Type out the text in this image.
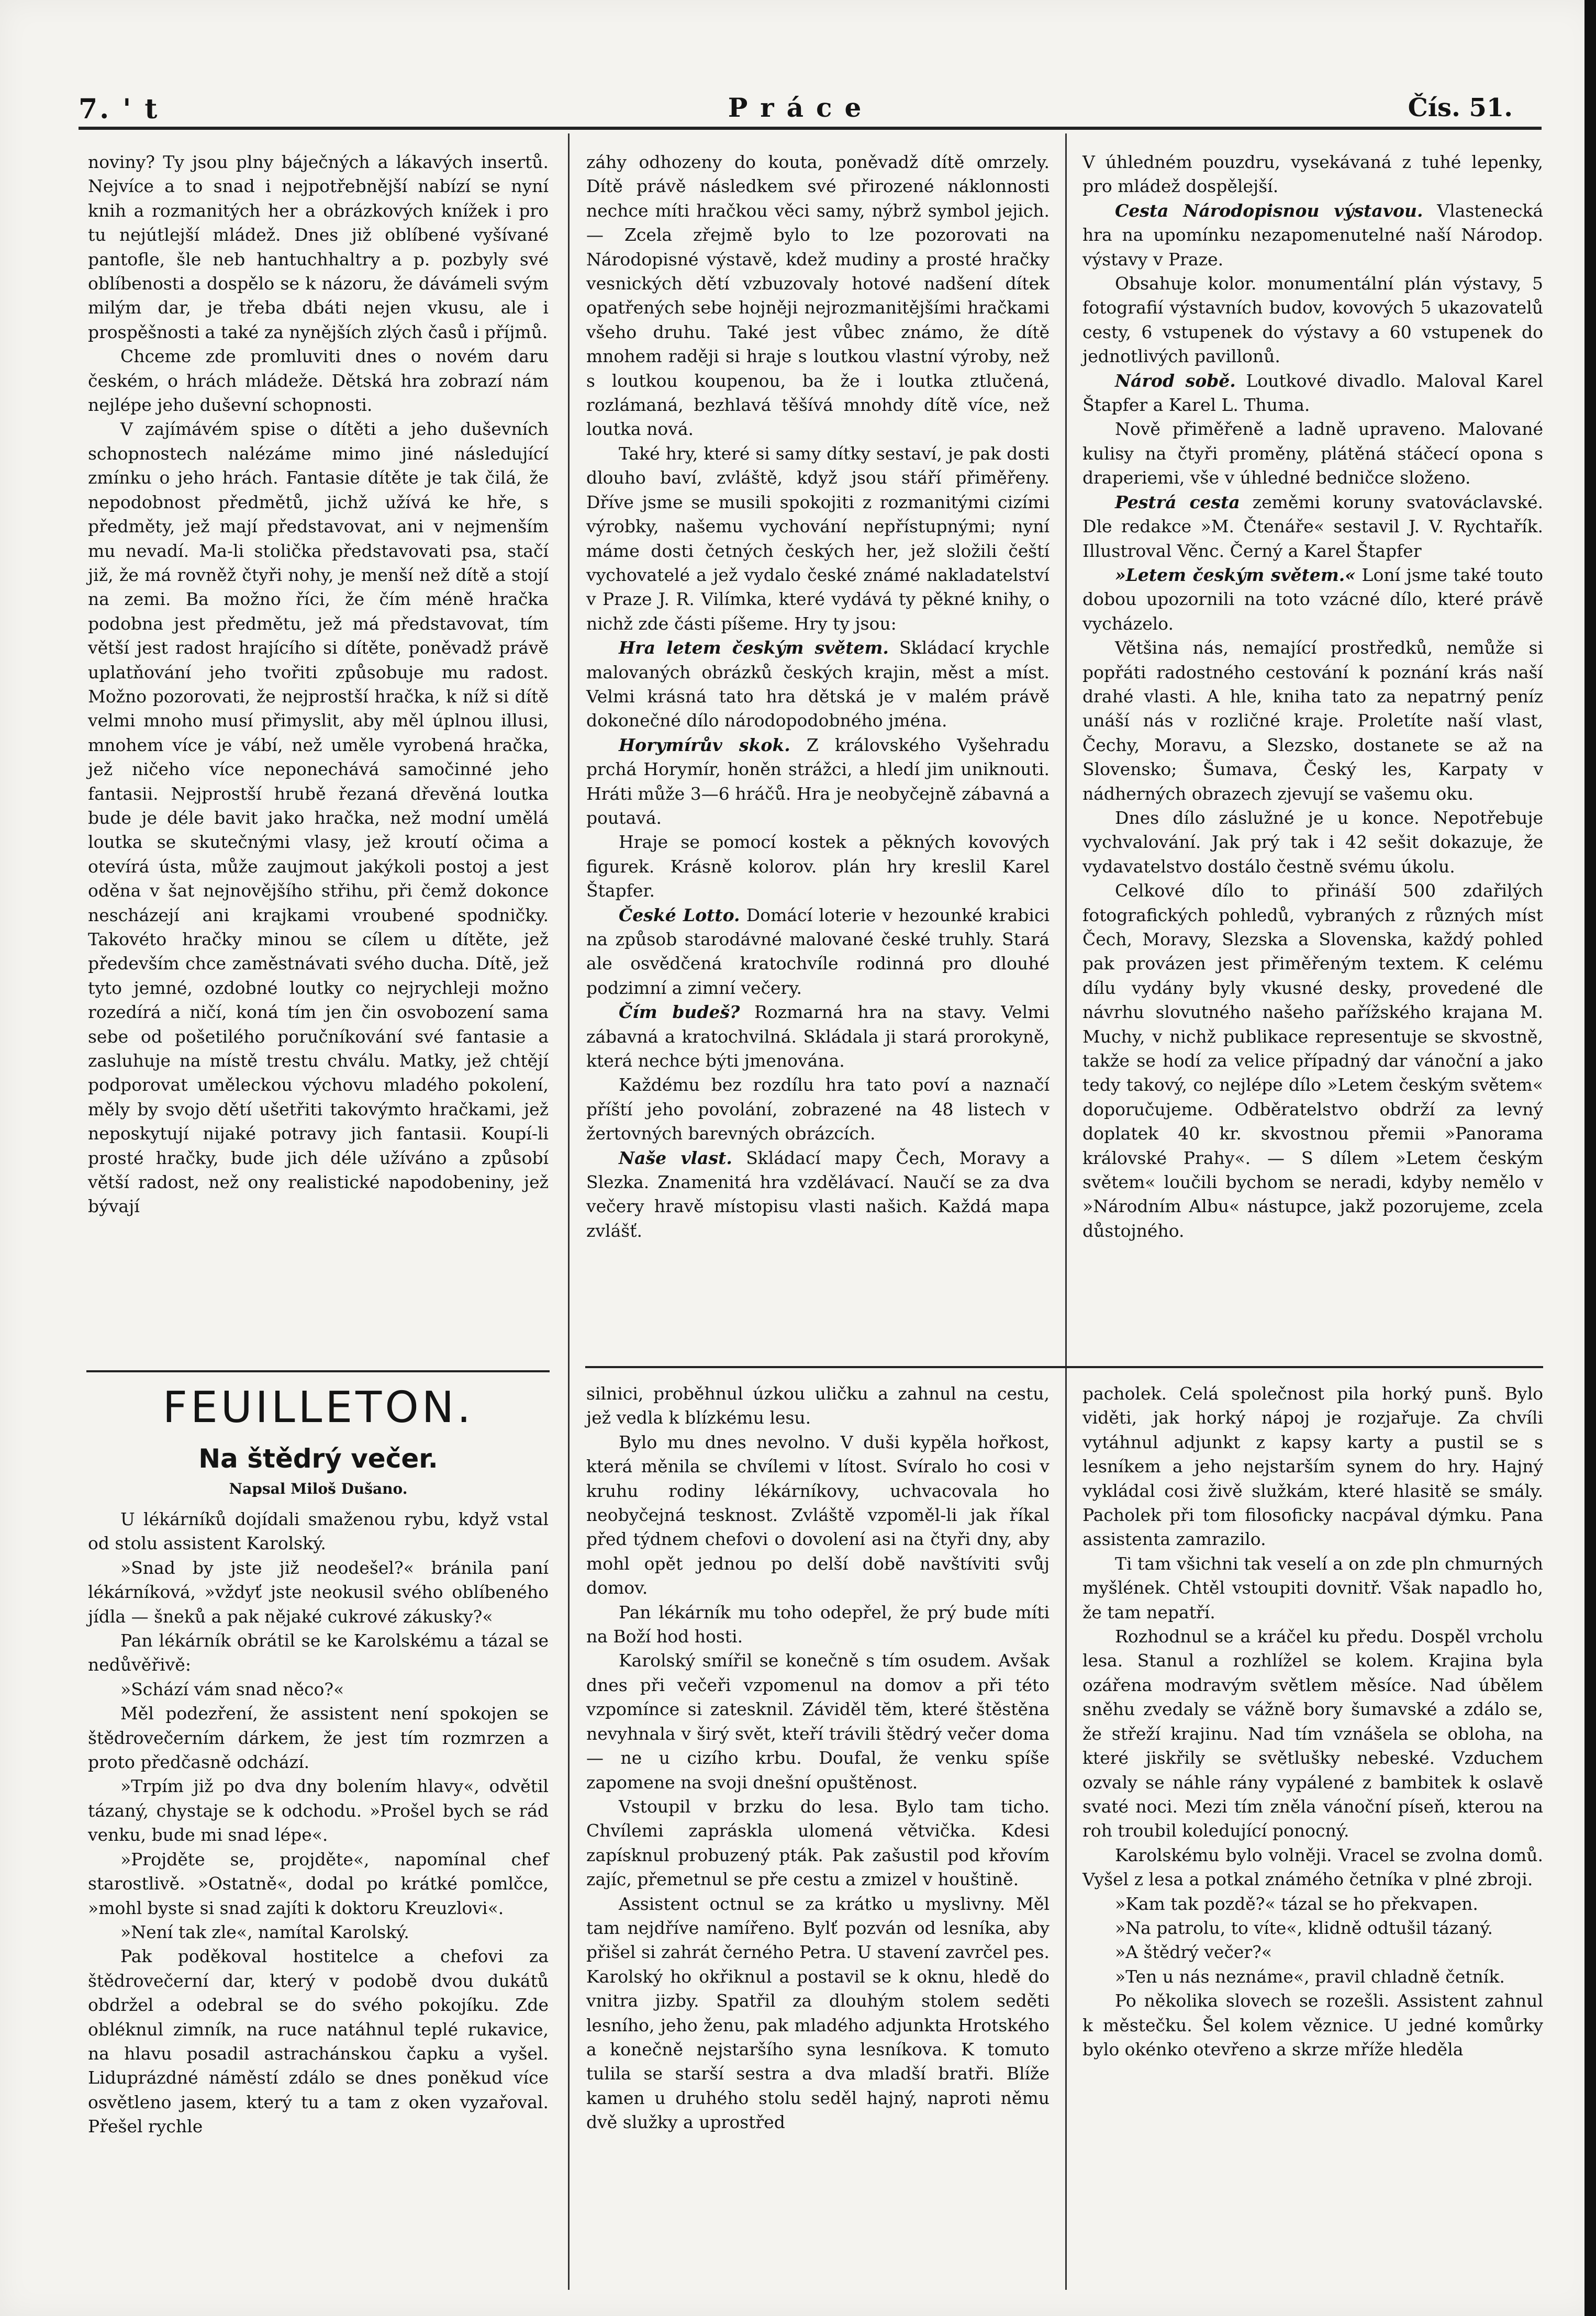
7. ' t	Práce	Čís. 51.

noviny? Ty jsou plny báječných a lákavých insertů. Nejvíce a to snad i nejpotřebnější nabízí se nyní knih a rozmanitých her a obrázkových knížek i pro tu nejútlejší mládež. Dnes již oblíbené vyšívané pantofle, šle neb hantuchhaltry a p. pozbyly své oblíbenosti a dospělo se k názoru, že dávámeli svým milým dar, je třeba dbáti nejen vkusu, ale i prospěšnosti a také za nynějších zlých časů i příjmů.

Chceme zde promluviti dnes o novém daru českém, o hrách mládeže. Dětská hra zobrazí nám nejlépe jeho duševní schopnosti.

V zajímávém spise o dítěti a jeho duševních schopnostech nalézáme mimo jiné následující zmínku o jeho hrách. Fantasie dítěte je tak čilá, že nepodobnost předmětů, jichž užívá ke hře, s předměty, jež mají představovat, ani v nejmenším mu nevadí. Ma-li stolička představovati psa, stačí již, že má rovněž čtyři nohy, je menší než dítě a stojí na zemi. Ba možno říci, že čím méně hračka podobna jest předmětu, jež má představovat, tím větší jest radost hrajícího si dítěte, poněvadž právě uplatňování jeho tvořiti způsobuje mu radost. Možno pozorovati, že nejprostší hračka, k níž si dítě velmi mnoho musí přimyslit, aby měl úplnou illusi, mnohem více je vábí, než uměle vyrobená hračka, jež ničeho více neponechává samočinné jeho fantasii. Nejprostší hrubě řezaná dřevěná loutka bude je déle bavit jako hračka, než modní umělá loutka se skutečnými vlasy, jež kroutí očima a otevírá ústa, může zaujmout jakýkoli postoj a jest oděna v šat nejnovějšího střihu, při čemž dokonce nescházejí ani krajkami vroubené spodničky. Takovéto hračky minou se cílem u dítěte, jež především chce zaměstnávati svého ducha. Dítě, jež tyto jemné, ozdobné loutky co nejrychleji možno rozedírá a ničí, koná tím jen čin osvobození sama sebe od pošetilého poručníkování své fantasie a zasluhuje na místě trestu chválu. Matky, jež chtějí podporovat uměleckou výchovu mladého pokolení, měly by svojo dětí ušetřiti takovýmto hračkami, jež neposkytují nijaké potravy jich fantasii. Koupí-li prosté hračky, bude jich déle užíváno a způsobí větší radost, než ony realistické napodobeniny, jež bývají

záhy odhozeny do kouta, poněvadž dítě omrzely. Dítě právě následkem své přirozené náklonnosti nechce míti hračkou věci samy, nýbrž symbol jejich. — Zcela zřejmě bylo to lze pozorovati na Národopisné výstavě, kdež mudiny a prosté hračky vesnických dětí vzbuzovaly hotové nadšení dítek opatřených sebe hojněji nejrozmanitějšími hračkami všeho druhu. Také jest vůbec známo, že dítě mnohem raději si hraje s loutkou vlastní výroby, než s loutkou koupenou, ba že i loutka ztlučená, rozlámaná, bezhlavá těšívá mnohdy dítě více, než loutka nová.

Také hry, které si samy dítky sestaví, je pak dosti dlouho baví, zvláště, když jsou stáří přiměřeny. Dříve jsme se musili spokojiti z rozmanitými cizími výrobky, našemu vychování nepřístupnými; nyní máme dosti četných českých her, jež složili čeští vychovatelé a jež vydalo české známé nakladatelství v Praze J. R. Vilímka, které vydává ty pěkné knihy, o nichž zde části píšeme. Hry ty jsou:

Hra letem českým světem. Skládací krychle malovaných obrázků českých krajin, měst a míst. Velmi krásná tato hra dětská je v malém právě dokonečné dílo národopodobného jména.

Horymírův skok. Z královského Vyšehradu prchá Horymír, honěn strážci, a hledí jim uniknouti. Hráti může 3—6 hráčů. Hra je neobyčejně zábavná a poutavá.

Hraje se pomocí kostek a pěkných kovových figurek. Krásně kolorov. plán hry kreslil Karel Štapfer.

České Lotto. Domácí loterie v hezounké krabici na způsob starodávné malované české truhly. Stará ale osvědčená kratochvíle rodinná pro dlouhé podzimní a zimní večery.

Čím budeš? Rozmarná hra na stavy. Velmi zábavná a kratochvilná. Skládala ji stará prorokyně, která nechce býti jmenována.

Každému bez rozdílu hra tato poví a naznačí příští jeho povolání, zobrazené na 48 listech v žertovných barevných obrázcích.

Naše vlast. Skládací mapy Čech, Moravy a Slezka. Znamenitá hra vzdělávací. Naučí se za dva večery hravě místopisu vlasti našich. Každá mapa zvlášť.

V úhledném pouzdru, vysekávaná z tuhé lepenky, pro mládež dospělejší.

Cesta Národopisnou výstavou. Vlastenecká hra na upomínku nezapomenutelné naší Národop. výstavy v Praze.

Obsahuje kolor. monumentální plán výstavy, 5 fotografií výstavních budov, kovových 5 ukazovatelů cesty, 6 vstupenek do výstavy a 60 vstupenek do jednotlivých pavillonů.

Národ sobě. Loutkové divadlo. Maloval Karel Štapfer a Karel L. Thuma.

Nově přiměřeně a ladně upraveno. Malované kulisy na čtyři proměny, plátěná stáčecí opona s draperiemi, vše v úhledné bedničce složeno.

Pestrá cesta zeměmi koruny svatováclavské. Dle redakce »M. Čtenáře« sestavil J. V. Rychtařík. Illustroval Věnc. Černý a Karel Štapfer

»Letem českým světem.« Loní jsme také touto dobou upozornili na toto vzácné dílo, které právě vycházelo.

Většina nás, nemající prostředků, nemůže si popřáti radostného cestování k poznání krás naší drahé vlasti. A hle, kniha tato za nepatrný peníz unáší nás v rozličné kraje. Proletíte naší vlast, Čechy, Moravu, a Slezsko, dostanete se až na Slovensko; Šumava, Český les, Karpaty v nádherných obrazech zjevují se vašemu oku.

Dnes dílo záslužné je u konce. Nepotřebuje vychvalování. Jak prý tak i 42 sešit dokazuje, že vydavatelstvo dostálo čestně svému úkolu.

Celkové dílo to přináší 500 zdařilých fotografických pohledů, vybraných z různých míst Čech, Moravy, Slezska a Slovenska, každý pohled pak provázen jest přiměřeným textem. K celému dílu vydány byly vkusné desky, provedené dle návrhu slovutného našeho pařížského krajana M. Muchy, v nichž publikace representuje se skvostně, takže se hodí za velice případný dar vánoční a jako tedy takový, co nejlépe dílo »Letem českým světem« doporučujeme. Odběratelstvo obdrží za levný doplatek 40 kr. skvostnou přemii »Panorama královské Prahy«. — S dílem »Letem českým světem« loučili bychom se neradi, kdyby nemělo v »Národním Albu« nástupce, jakž pozorujeme, zcela důstojného.

FEUILLETON.
Na štědrý večer.
Napsal Miloš Dušano.

U lékárníků dojídali smaženou rybu, když vstal od stolu assistent Karolský.

»Snad by jste již neodešel?« bránila paní lékárníková, »vždyť jste neokusil svého oblíbeného jídla — šneků a pak nějaké cukrové zákusky?«

Pan lékárník obrátil se ke Karolskému a tázal se nedůvěřivě:

»Schází vám snad něco?«

Měl podezření, že assistent není spokojen se štědrovečerním dárkem, že jest tím rozmrzen a proto předčasně odchází.

»Trpím již po dva dny bolením hlavy«, odvětil tázaný, chystaje se k odchodu. »Prošel bych se rád venku, bude mi snad lépe«.

»Projděte se, projděte«, napomínal chef starostlivě. »Ostatně«, dodal po krátké pomlčce, »mohl byste si snad zajíti k doktoru Kreuzlovi«.

»Není tak zle«, namítal Karolský.

Pak poděkoval hostitelce a chefovi za štědrovečerní dar, který v podobě dvou dukátů obdržel a odebral se do svého pokojíku. Zde obléknul zimník, na ruce natáhnul teplé rukavice, na hlavu posadil astrachánskou čapku a vyšel. Liduprázdné náměstí zdálo se dnes poněkud více osvětleno jasem, který tu a tam z oken vyzařoval. Přešel rychle

silnici, proběhnul úzkou uličku a zahnul na cestu, jež vedla k blízkému lesu.

Bylo mu dnes nevolno. V duši kypěla hořkost, která měnila se chvílemi v lítost. Svíralo ho cosi v kruhu rodiny lékárníkovy, uchvacovala ho neobyčejná tesknost. Zvláště vzpoměl-li jak říkal před týdnem chefovi o dovolení asi na čtyři dny, aby mohl opět jednou po delší době navštíviti svůj domov.

Pan lékárník mu toho odepřel, že prý bude míti na Boží hod hosti.

Karolský smířil se konečně s tím osudem. Avšak dnes při večeři vzpomenul na domov a při této vzpomínce si zatesknil. Záviděl tĕm, které štěstěna nevyhnala v širý svět, kteří trávili štědrý večer doma — ne u cizího krbu. Doufal, že venku spíše zapomene na svoji dnešní opuštěnost.

Vstoupil v brzku do lesa. Bylo tam ticho. Chvílemi zapráskla ulomená větvička. Kdesi zapísknul probuzený pták. Pak zašustil pod křovím zajíc, přemetnul se pře cestu a zmizel v houštině.

Assistent octnul se za krátko u myslivny. Měl tam nejdříve namířeno. Bylť pozván od lesníka, aby přišel si zahrát černého Petra. U stavení zavrčel pes. Karolský ho okřiknul a postavil se k oknu, hledě do vnitra jizby. Spatřil za dlouhým stolem seděti lesního, jeho ženu, pak mladého adjunkta Hrotského a konečně nejstaršího syna lesníkova. K tomuto tulila se starší sestra a dva mladší bratři. Blíže kamen u druhého stolu seděl hajný, naproti němu dvě služky a uprostřed

pacholek. Celá společnost pila horký punš. Bylo viděti, jak horký nápoj je rozjařuje. Za chvíli vytáhnul adjunkt z kapsy karty a pustil se s lesníkem a jeho nejstarším synem do hry. Hajný vykládal cosi živě služkám, které hlasitě se smály. Pacholek při tom filosoficky nacpával dýmku. Pana assistenta zamrazilo.

Ti tam všichni tak veselí a on zde pln chmurných myšlének. Chtěl vstoupiti dovnitř. Však napadlo ho, že tam nepatří.

Rozhodnul se a kráčel ku předu. Dospěl vrcholu lesa. Stanul a rozhlížel se kolem. Krajina byla ozářena modravým světlem měsíce. Nad úbělem sněhu zvedaly se vážně bory šumavské a zdálo se, že střeží krajinu. Nad tím vznášela se obloha, na které jiskřily se světlušky nebeské. Vzduchem ozvaly se náhle rány vypálené z bambitek k oslavě svaté noci. Mezi tím zněla vánoční píseň, kterou na roh troubil koledující ponocný.

Karolskému bylo volněji. Vracel se zvolna domů. Vyšel z lesa a potkal známého četníka v plné zbroji.

»Kam tak pozdě?« tázal se ho překvapen.

»Na patrolu, to víte«, klidně odtušil tázaný.

»A štědrý večer?«

»Ten u nás neznáme«, pravil chladně četník.

Po několika slovech se rozešli. Assistent zahnul k městečku. Šel kolem věznice. U jedné komůrky bylo okénko otevřeno a skrze mříže hleděla
